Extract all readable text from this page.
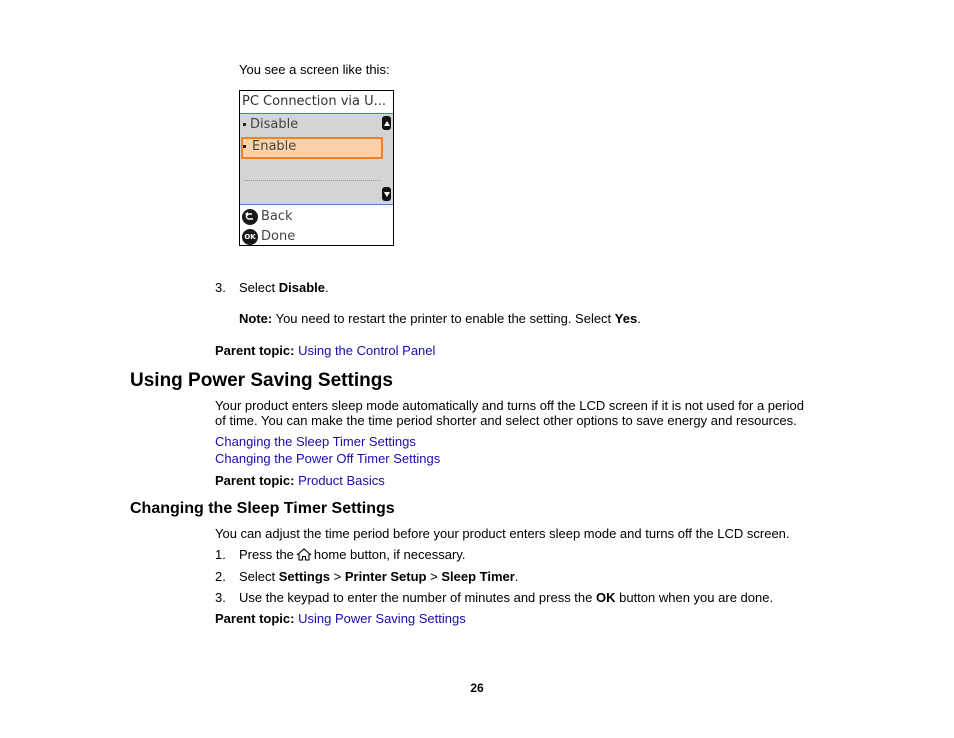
You see a screen like this:
PC Connection via U...
Disable
Enable
Back
OK Done
3. Select Disable.
Note: You need to restart the printer to enable the setting. Select Yes.
Parent topic: Using the Control Panel
Using Power Saving Settings
Your product enters sleep mode automatically and turns off the LCD screen if it is not used for a period of time. You can make the time period shorter and select other options to save energy and resources.
Changing the Sleep Timer Settings
Changing the Power Off Timer Settings
Parent topic: Product Basics
Changing the Sleep Timer Settings
You can adjust the time period before your product enters sleep mode and turns off the LCD screen.
1. Press the home button, if necessary.
2. Select Settings > Printer Setup > Sleep Timer.
3. Use the keypad to enter the number of minutes and press the OK button when you are done.
Parent topic: Using Power Saving Settings
26
